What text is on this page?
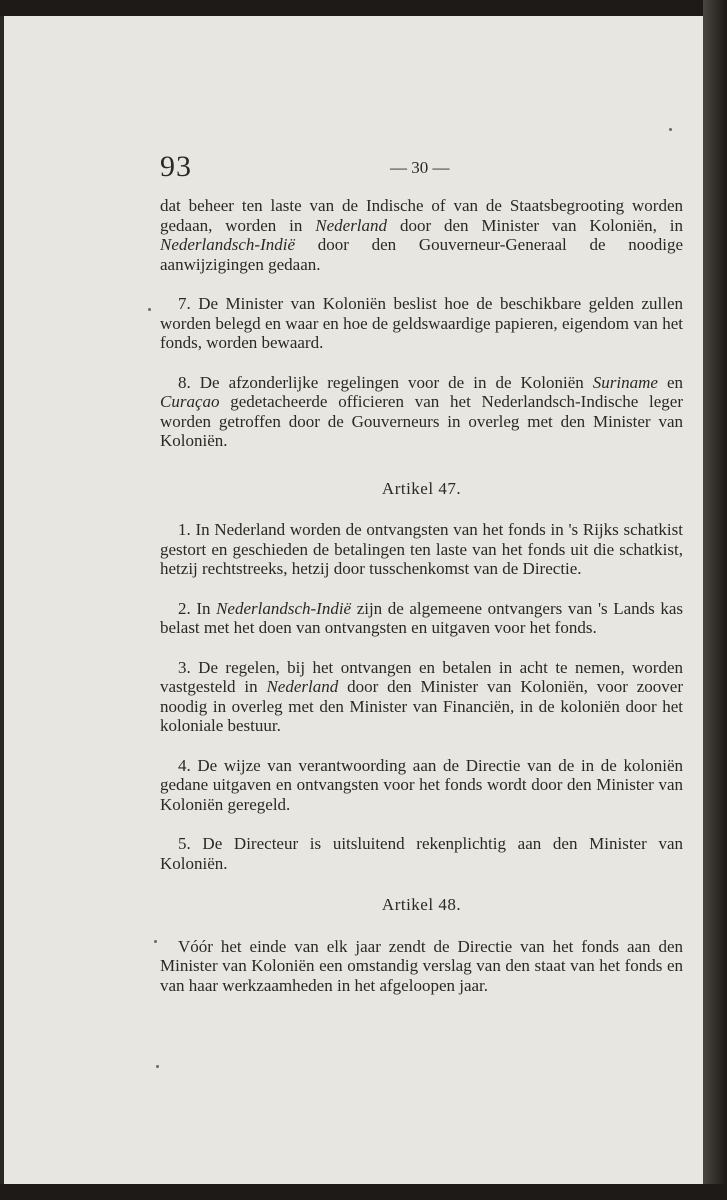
93	— 30 —

dat beheer ten laste van de Indische of van de Staatsbegrooting worden gedaan, worden in Nederland door den Minister van Koloniën, in Nederlandsch-Indië door den Gouverneur-Generaal de noodige aanwijzigingen gedaan.

7. De Minister van Koloniën beslist hoe de beschikbare gelden zullen worden belegd en waar en hoe de geldswaardige papieren, eigendom van het fonds, worden bewaard.

8. De afzonderlijke regelingen voor de in de Koloniën Suriname en Curaçao gedetacheerde officieren van het Nederlandsch-Indische leger worden getroffen door de Gouverneurs in overleg met den Minister van Koloniën.

Artikel 47.

1. In Nederland worden de ontvangsten van het fonds in 's Rijks schatkist gestort en geschieden de betalingen ten laste van het fonds uit die schatkist, hetzij rechtstreeks, hetzij door tusschenkomst van de Directie.

2. In Nederlandsch-Indië zijn de algemeene ontvangers van 's Lands kas belast met het doen van ontvangsten en uitgaven voor het fonds.

3. De regelen, bij het ontvangen en betalen in acht te nemen, worden vastgesteld in Nederland door den Minister van Koloniën, voor zoover noodig in overleg met den Minister van Financiën, in de koloniën door het koloniale bestuur.

4. De wijze van verantwoording aan de Directie van de in de koloniën gedane uitgaven en ontvangsten voor het fonds wordt door den Minister van Koloniën geregeld.

5. De Directeur is uitsluitend rekenplichtig aan den Minister van Koloniën.

Artikel 48.

Vóór het einde van elk jaar zendt de Directie van het fonds aan den Minister van Koloniën een omstandig verslag van den staat van het fonds en van haar werkzaamheden in het afgeloopen jaar.
